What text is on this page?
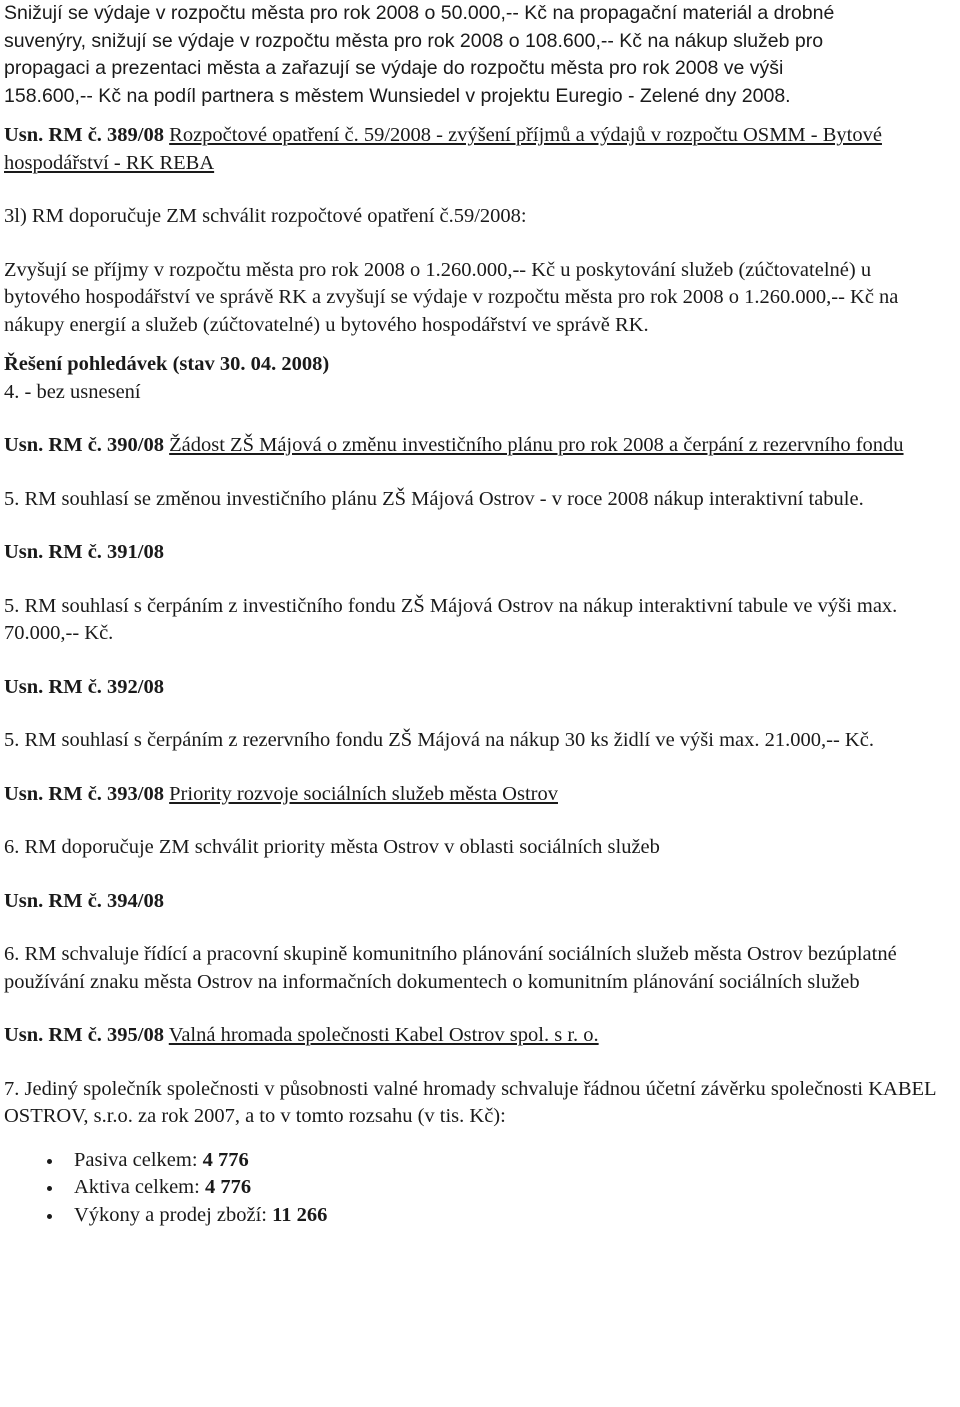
Snižují se výdaje v rozpočtu města pro rok 2008 o 50.000,-- Kč na propagační materiál a drobné

suvenýry, snižují se výdaje v rozpočtu města pro rok 2008 o 108.600,-- Kč na nákup služeb pro

propagaci a prezentaci města a zařazují se výdaje do rozpočtu města pro rok 2008 ve výši

158.600,-- Kč na podíl partnera s městem Wunsiedel v projektu Euregio - Zelené dny 2008.

Usn. RM č. 389/08 Rozpočtové opatření č. 59/2008 - zvýšení příjmů a výdajů v rozpočtu OSMM - Bytové hospodářství - RK REBA

3l) RM doporučuje ZM schválit rozpočtové opatření č.59/2008:

Zvyšují se příjmy v rozpočtu města pro rok 2008 o 1.260.000,-- Kč u poskytování služeb (zúčtovatelné) u bytového hospodářství ve správě RK a zvyšují se výdaje v rozpočtu města pro rok 2008 o 1.260.000,-- Kč na nákupy energií a služeb (zúčtovatelné) u bytového hospodářství ve správě RK.

Řešení pohledávek (stav 30. 04. 2008)

4. - bez usnesení

Usn. RM č. 390/08 Žádost ZŠ Májová o změnu investičního plánu pro rok 2008 a čerpání z rezervního fondu

5. RM souhlasí se změnou investičního plánu ZŠ Májová Ostrov - v roce 2008 nákup interaktivní tabule.

Usn. RM č. 391/08

5. RM souhlasí s čerpáním z investičního fondu ZŠ Májová Ostrov na nákup interaktivní tabule ve výši max. 70.000,-- Kč.

Usn. RM č. 392/08

5. RM souhlasí s čerpáním z rezervního fondu ZŠ Májová na nákup 30 ks židlí ve výši max. 21.000,-- Kč.

Usn. RM č. 393/08 Priority rozvoje sociálních služeb města Ostrov

6. RM doporučuje ZM schválit priority města Ostrov v oblasti sociálních služeb

Usn. RM č. 394/08

6. RM schvaluje řídící a pracovní skupině komunitního plánování sociálních služeb města Ostrov bezúplatné používání znaku města Ostrov na informačních dokumentech o komunitním plánování sociálních služeb

Usn. RM č. 395/08 Valná hromada společnosti Kabel Ostrov spol. s r. o.

7. Jediný společník společnosti v působnosti valné hromady schvaluje řádnou účetní závěrku společnosti KABEL OSTROV, s.r.o. za rok 2007, a to v tomto rozsahu (v tis. Kč):

Pasiva celkem: 4 776
Aktiva celkem: 4 776
Výkony a prodej zboží: 11 266
